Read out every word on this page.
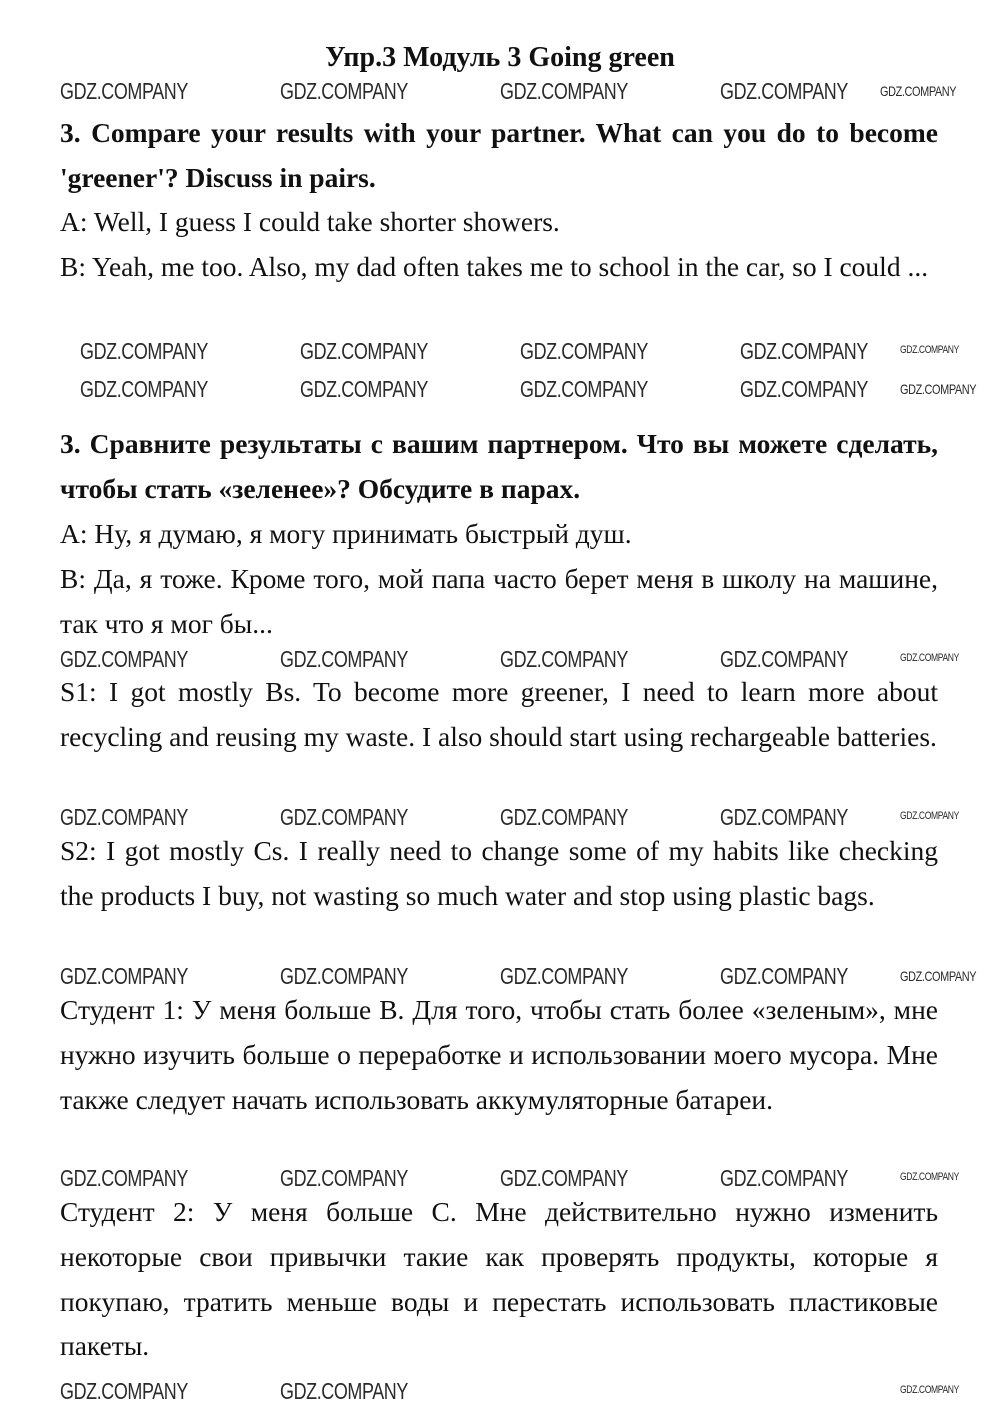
Упр.3 Модуль 3 Going green
3. Compare your results with your partner. What can you do to become 'greener'? Discuss in pairs.
A: Well, I guess I could take shorter showers.
B: Yeah, me too. Also, my dad often takes me to school in the car, so I could ...
3. Сравните результаты с вашим партнером. Что вы можете сделать, чтобы стать «зеленее»? Обсудите в парах.
А: Ну, я думаю, я могу принимать быстрый душ.
В: Да, я тоже. Кроме того, мой папа часто берет меня в школу на машине, так что я мог бы...
S1: I got mostly Bs. To become more greener, I need to learn more about recycling and reusing my waste. I also should start using rechargeable batteries.
S2: I got mostly Cs. I really need to change some of my habits like checking the products I buy, not wasting so much water and stop using plastic bags.
Студент 1: У меня больше B. Для того, чтобы стать более «зеленым», мне нужно изучить больше о переработке и использовании моего мусора. Мне также следует начать использовать аккумуляторные батареи.
Студент 2: У меня больше C. Мне действительно нужно изменить некоторые свои привычки такие как проверять продукты, которые я покупаю, тратить меньше воды и перестать использовать пластиковые пакеты.
GDZ.COMPANY	GDZ.COMPANY	GDZ.COMPANY	GDZ.COMPANY GDZ.COMPANY
GDZ.COMPANY	GDZ.COMPANY	GDZ.COMPANY	GDZ.COMPANY	GDZ.COMPANY
GDZ.COMPANY	GDZ.COMPANY	GDZ.COMPANY	GDZ.COMPANY GDZ.COMPANY
GDZ.COMPANY	GDZ.COMPANY	GDZ.COMPANY	GDZ.COMPANY	GDZ.COMPANY
GDZ.COMPANY	GDZ.COMPANY	GDZ.COMPANY	GDZ.COMPANY	GDZ.COMPANY
GDZ.COMPANY	GDZ.COMPANY	GDZ.COMPANY	GDZ.COMPANY	GDZ.COMPANY
GDZ.COMPANY	GDZ.COMPANY	GDZ.COMPANY	GDZ.COMPANY	GDZ.COMPANY
GDZ.COMPANY	GDZ.COMPANY	GDZ.COMPANY
